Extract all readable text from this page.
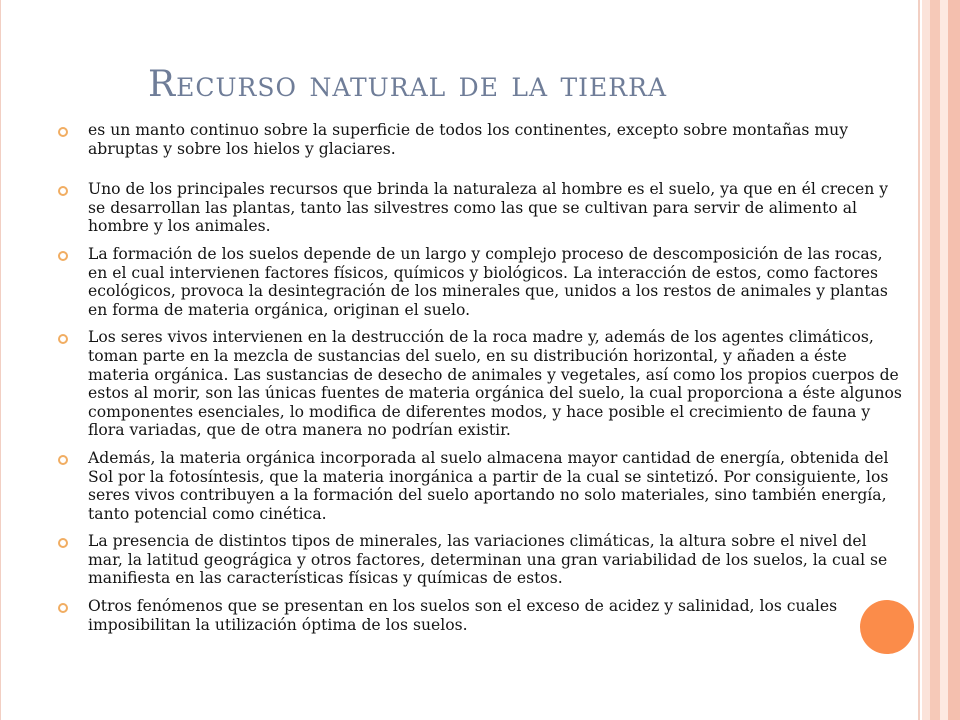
Recurso natural de la tierra
es un manto continuo sobre la superficie de todos los continentes, excepto sobre montañas muy abruptas y sobre los hielos y glaciares.
Uno de los principales recursos que brinda la naturaleza al hombre es el suelo, ya que en él crecen y se desarrollan las plantas, tanto las silvestres como las que se cultivan para servir de alimento al hombre y los animales.
La formación de los suelos depende de un largo y complejo proceso de descomposición de las rocas, en el cual intervienen factores físicos, químicos y biológicos. La interacción de estos, como factores ecológicos, provoca la desintegración de los minerales que, unidos a los restos de animales y plantas en forma de materia orgánica, originan el suelo.
Los seres vivos intervienen en la destrucción de la roca madre y, además de los agentes climáticos, toman parte en la mezcla de sustancias del suelo, en su distribución horizontal, y añaden a éste materia orgánica. Las sustancias de desecho de animales y vegetales, así como los propios cuerpos de estos al morir, son las únicas fuentes de materia orgánica del suelo, la cual proporciona a éste algunos componentes esenciales, lo modifica de diferentes modos, y hace posible el crecimiento de fauna y flora variadas, que de otra manera no podrían existir.
Además, la materia orgánica incorporada al suelo almacena mayor cantidad de energía, obtenida del Sol por la fotosíntesis, que la materia inorgánica a partir de la cual se sintetizó. Por consiguiente, los seres vivos contribuyen a la formación del suelo aportando no solo materiales, sino también energía, tanto potencial como cinética.
La presencia de distintos tipos de minerales, las variaciones climáticas, la altura sobre el nivel del mar, la latitud geográgica y otros factores, determinan una gran variabilidad de los suelos, la cual se manifiesta en las características físicas y químicas de estos.
Otros fenómenos que se presentan en los suelos son el exceso de acidez y salinidad, los cuales imposibilitan la utilización óptima de los suelos.
